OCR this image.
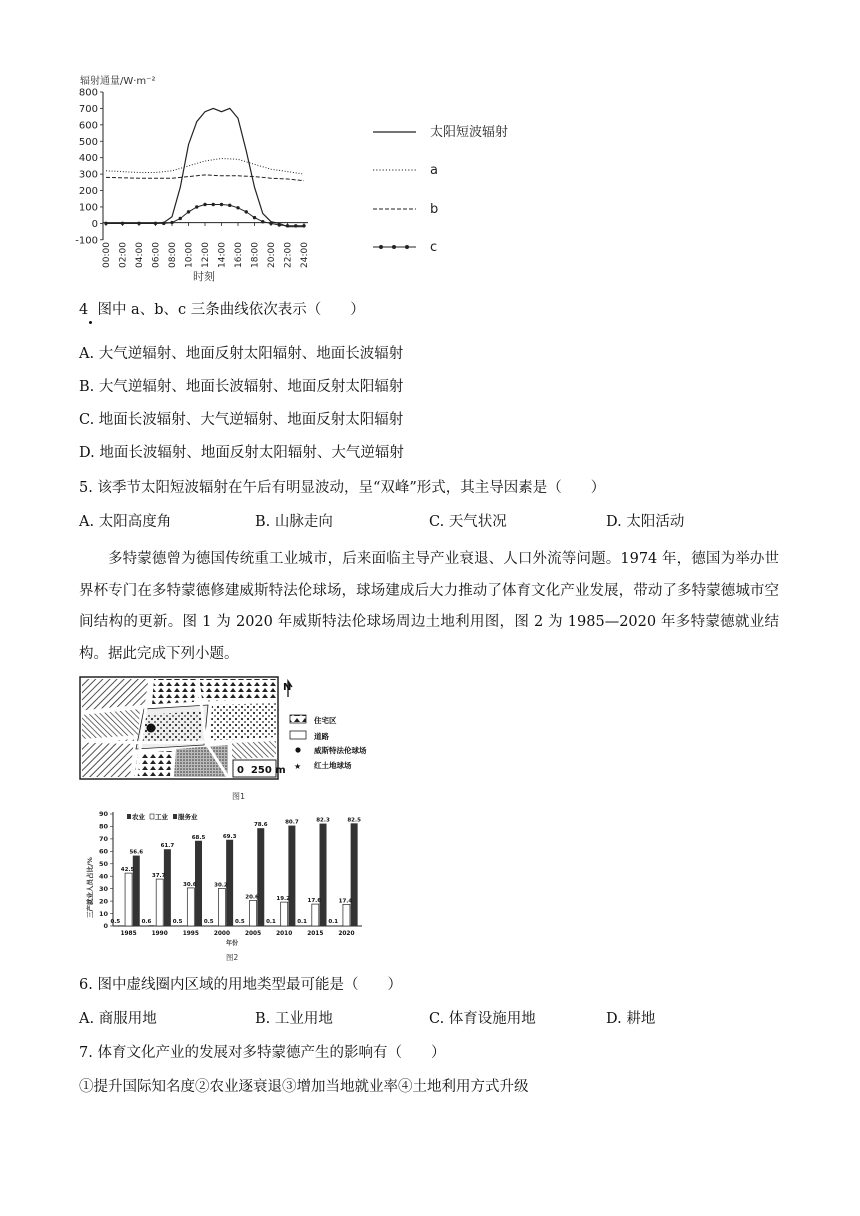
辐射通量/W·m⁻²
800
700
600
500
400
300
200
100
0
-100
00:00 02:00 04:00 06:00 08:00 10:00 12:00 14:00 16:00 18:00 20:00 22:00 24:00
时刻
太阳短波辐射
a
b
c
4 图中 a、b、c 三条曲线依次表示（　　）
A. 大气逆辐射、地面反射太阳辐射、地面长波辐射
B. 大气逆辐射、地面长波辐射、地面反射太阳辐射
C. 地面长波辐射、大气逆辐射、地面反射太阳辐射
D. 地面长波辐射、地面反射太阳辐射、大气逆辐射
5. 该季节太阳短波辐射在午后有明显波动，呈“双峰”形式，其主导因素是（　　）
A. 太阳高度角	B. 山脉走向	C. 天气状况	D. 太阳活动
多特蒙德曾为德国传统重工业城市，后来面临主导产业衰退、人口外流等问题。1974 年，德国为举办世界杯专门在多特蒙德修建威斯特法伦球场，球场建成后大力推动了体育文化产业发展，带动了多特蒙德城市空间结构的更新。图 1 为 2020 年威斯特法伦球场周边土地利用图，图 2 为 1985—2020 年多特蒙德就业结构。据此完成下列小题。
0  250 m
N
住宅区
道路
威斯特法伦球场
★ 红土地球场
图1
三产就业人员占比/%
0
10
20
30
40
50
60
70
80
90	农业 工业 服务业
0.5
42.5
56.6
1985
0.6
37.7
61.7
1990
0.5
30.6
68.5
1995
0.5
30.2
69.3
2000
0.5
20.6
78.6
2005
0.1
19.2
80.7
2010
0.1
17.6
82.3
2015
0.1
17.4
82.5
2020
年份
图2
6. 图中虚线圈内区域的用地类型最可能是（　　）
A. 商服用地	B. 工业用地	C. 体育设施用地	D. 耕地
7. 体育文化产业的发展对多特蒙德产生的影响有（　　）
①提升国际知名度②农业逐衰退③增加当地就业率④土地利用方式升级
